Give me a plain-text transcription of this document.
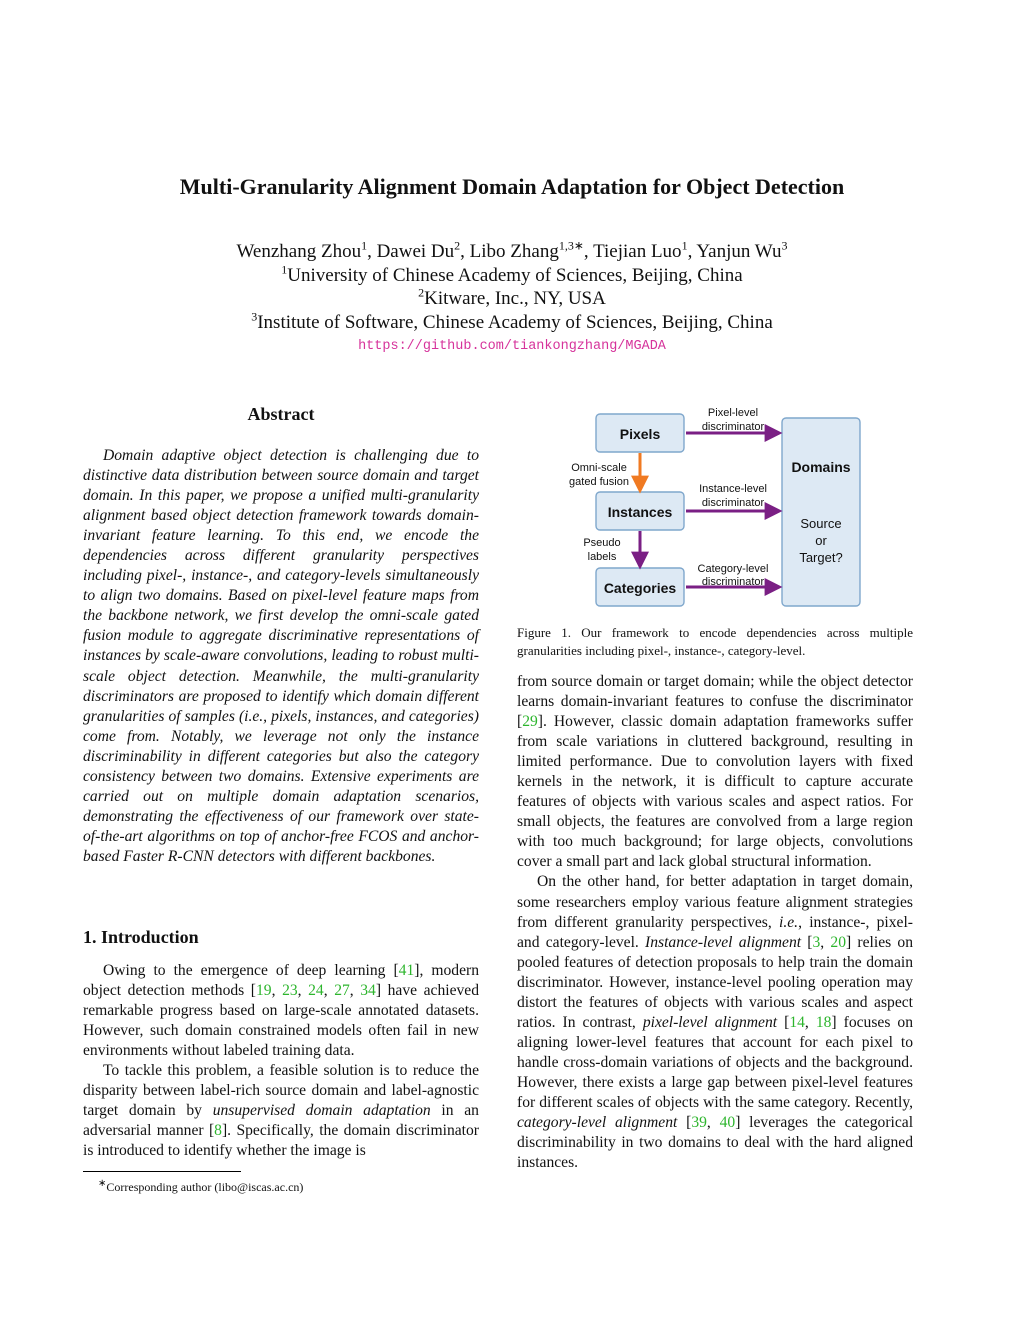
Multi-Granularity Alignment Domain Adaptation for Object Detection
Wenzhang Zhou$^1$, Dawei Du$^2$, Libo Zhang$^{1,3∗}$, Tiejian Luo$^1$, Yanjun Wu$^3$
$^1$University of Chinese Academy of Sciences, Beijing, China
$^2$Kitware, Inc., NY, USA
$^3$Institute of Software, Chinese Academy of Sciences, Beijing, China
https://github.com/tiankongzhang/MGADA
Abstract

Domain adaptive object detection is challenging due to distinctive data distribution between source domain and target domain. In this paper, we propose a unified multi-granularity alignment based object detection framework towards domain-invariant feature learning. To this end, we encode the dependencies across different granularity perspectives including pixel-, instance-, and category-levels simultaneously to align two domains. Based on pixel-level feature maps from the backbone network, we first develop the omni-scale gated fusion module to aggregate discriminative representations of instances by scale-aware convolutions, leading to robust multi-scale object detection. Meanwhile, the multi-granularity discriminators are proposed to identify which domain different granularities of samples (i.e., pixels, instances, and categories) come from. Notably, we leverage not only the instance discriminability in different categories but also the category consistency between two domains. Extensive experiments are carried out on multiple domain adaptation scenarios, demonstrating the effectiveness of our framework over state-of-the-art algorithms on top of anchor-free FCOS and anchor-based Faster R-CNN detectors with different backbones.

1. Introduction

Owing to the emergence of deep learning [41], modern object detection methods [19, 23, 24, 27, 34] have achieved remarkable progress based on large-scale annotated datasets. However, such domain constrained models often fail in new environments without labeled training data.

To tackle this problem, a feasible solution is to reduce the disparity between label-rich source domain and label-agnostic target domain by unsupervised domain adaptation in an adversarial manner [8]. Specifically, the domain discriminator is introduced to identify whether the image is

∗Corresponding author (libo@iscas.ac.cn)
Pixels
Instances
Categories
Domains
Source
or
Target?
Omni-scale
gated fusion
Pseudo
labels
Pixel-level
discriminator
Instance-level
discriminator
Category-level
discriminator
Figure 1. Our framework to encode dependencies across multiple granularities including pixel-, instance-, category-level.

from source domain or target domain; while the object detector learns domain-invariant features to confuse the discriminator [29]. However, classic domain adaptation frameworks suffer from scale variations in cluttered background, resulting in limited performance. Due to convolution layers with fixed kernels in the network, it is difficult to capture accurate features of objects with various scales and aspect ratios. For small objects, the features are convolved from a large region with too much background; for large objects, convolutions cover a small part and lack global structural information.

On the other hand, for better adaptation in target domain, some researchers employ various feature alignment strategies from different granularity perspectives, i.e., instance-, pixel- and category-level. Instance-level alignment [3, 20] relies on pooled features of detection proposals to help train the domain discriminator. However, instance-level pooling operation may distort the features of objects with various scales and aspect ratios. In contrast, pixel-level alignment [14, 18] focuses on aligning lower-level features that account for each pixel to handle cross-domain variations of objects and the background. However, there exists a large gap between pixel-level features for different scales of objects with the same category. Recently, category-level alignment [39, 40] leverages the categorical discriminability in two domains to deal with the hard aligned instances.
